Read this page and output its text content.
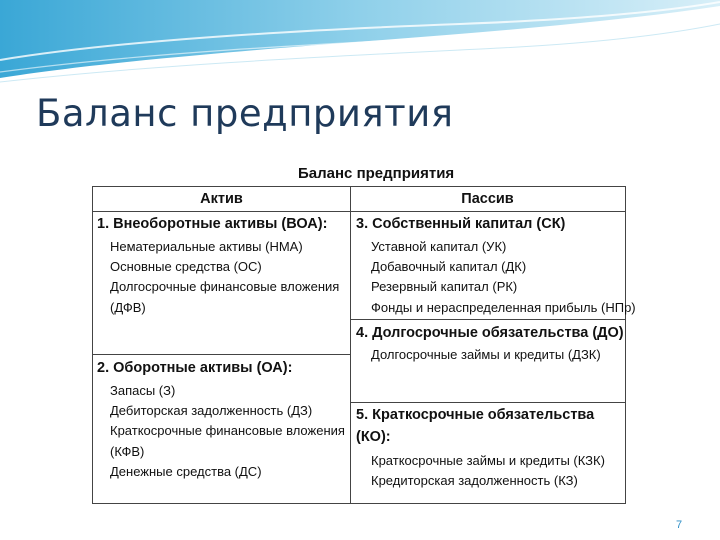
Баланс предприятия
Баланс предприятия
Актив	Пассив
1. Внеоборотные активы (ВОА):
Нематериальные активы (НМА)
Основные средства (ОС)
Долгосрочные финансовые вложения
(ДФВ)
2. Оборотные активы (ОА):
Запасы (З)
Дебиторская задолженность (ДЗ)
Краткосрочные финансовые вложения
(КФВ)
Денежные средства (ДС)
3. Собственный капитал (СК)
Уставной капитал (УК)
Добавочный капитал (ДК)
Резервный капитал (РК)
Фонды и нераспределенная прибыль (НПр)
4. Долгосрочные обязательства (ДО)
Долгосрочные займы и кредиты (ДЗК)
5. Краткосрочные обязательства
(КО):
Краткосрочные займы и кредиты (КЗК)
Кредиторская задолженность (КЗ)
7
